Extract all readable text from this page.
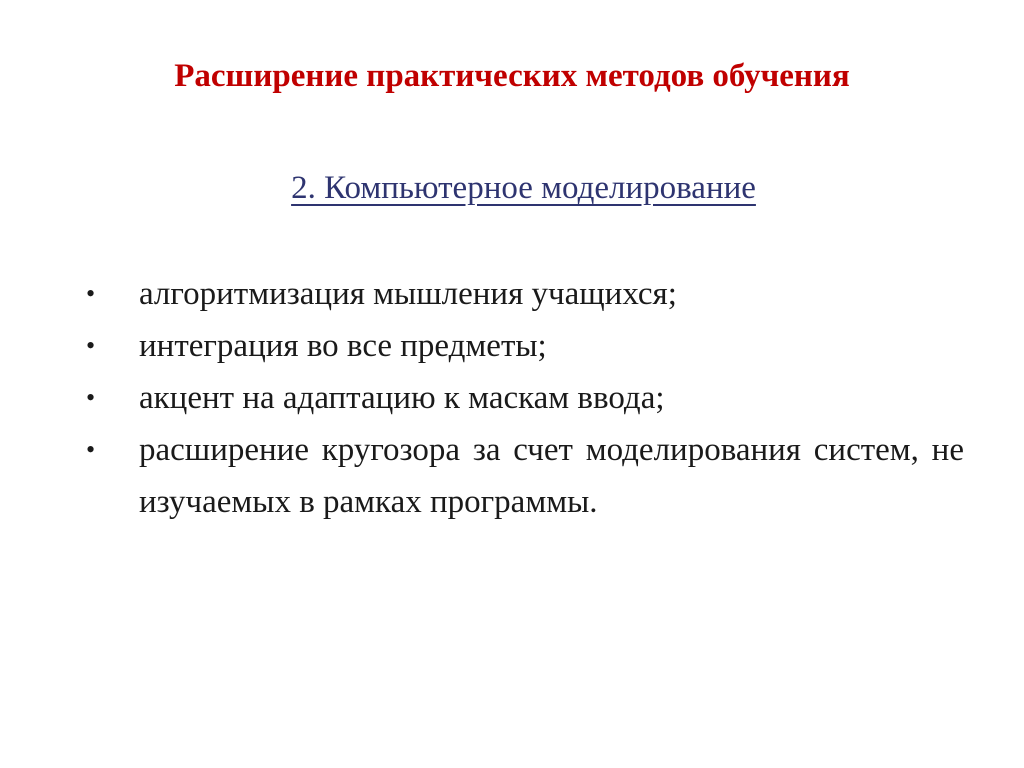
Расширение практических методов обучения
2. Компьютерное моделирование
•	алгоритмизация мышления учащихся;
•	интеграция во все предметы;
•	акцент на адаптацию к маскам ввода;
•	расширение кругозора за счет моделирования систем, не изучаемых в рамках программы.
